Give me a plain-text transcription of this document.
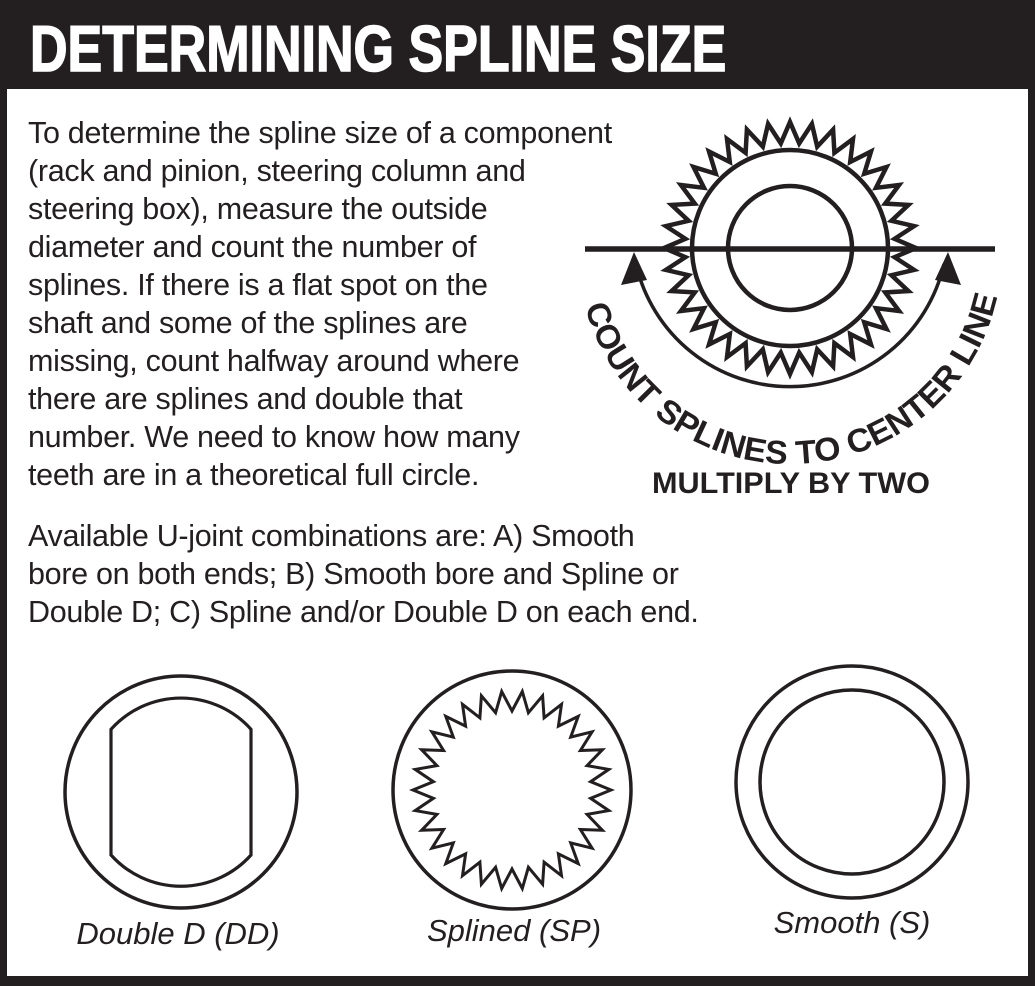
DETERMINING SPLINE SIZE
To determine the spline size of a component
(rack and pinion, steering column and
steering box), measure the outside
diameter and count the number of
splines. If there is a flat spot on the
shaft and some of the splines are
missing, count halfway around where
there are splines and double that
number. We need to know how many
teeth are in a theoretical full circle.
Available U-joint combinations are: A) Smooth
bore on both ends; B) Smooth bore and Spline or
Double D; C) Spline and/or Double D on each end.
COUNT SPLINES TO CENTER LINE
MULTIPLY BY TWO
Double D (DD)	Splined (SP)	Smooth (S)
